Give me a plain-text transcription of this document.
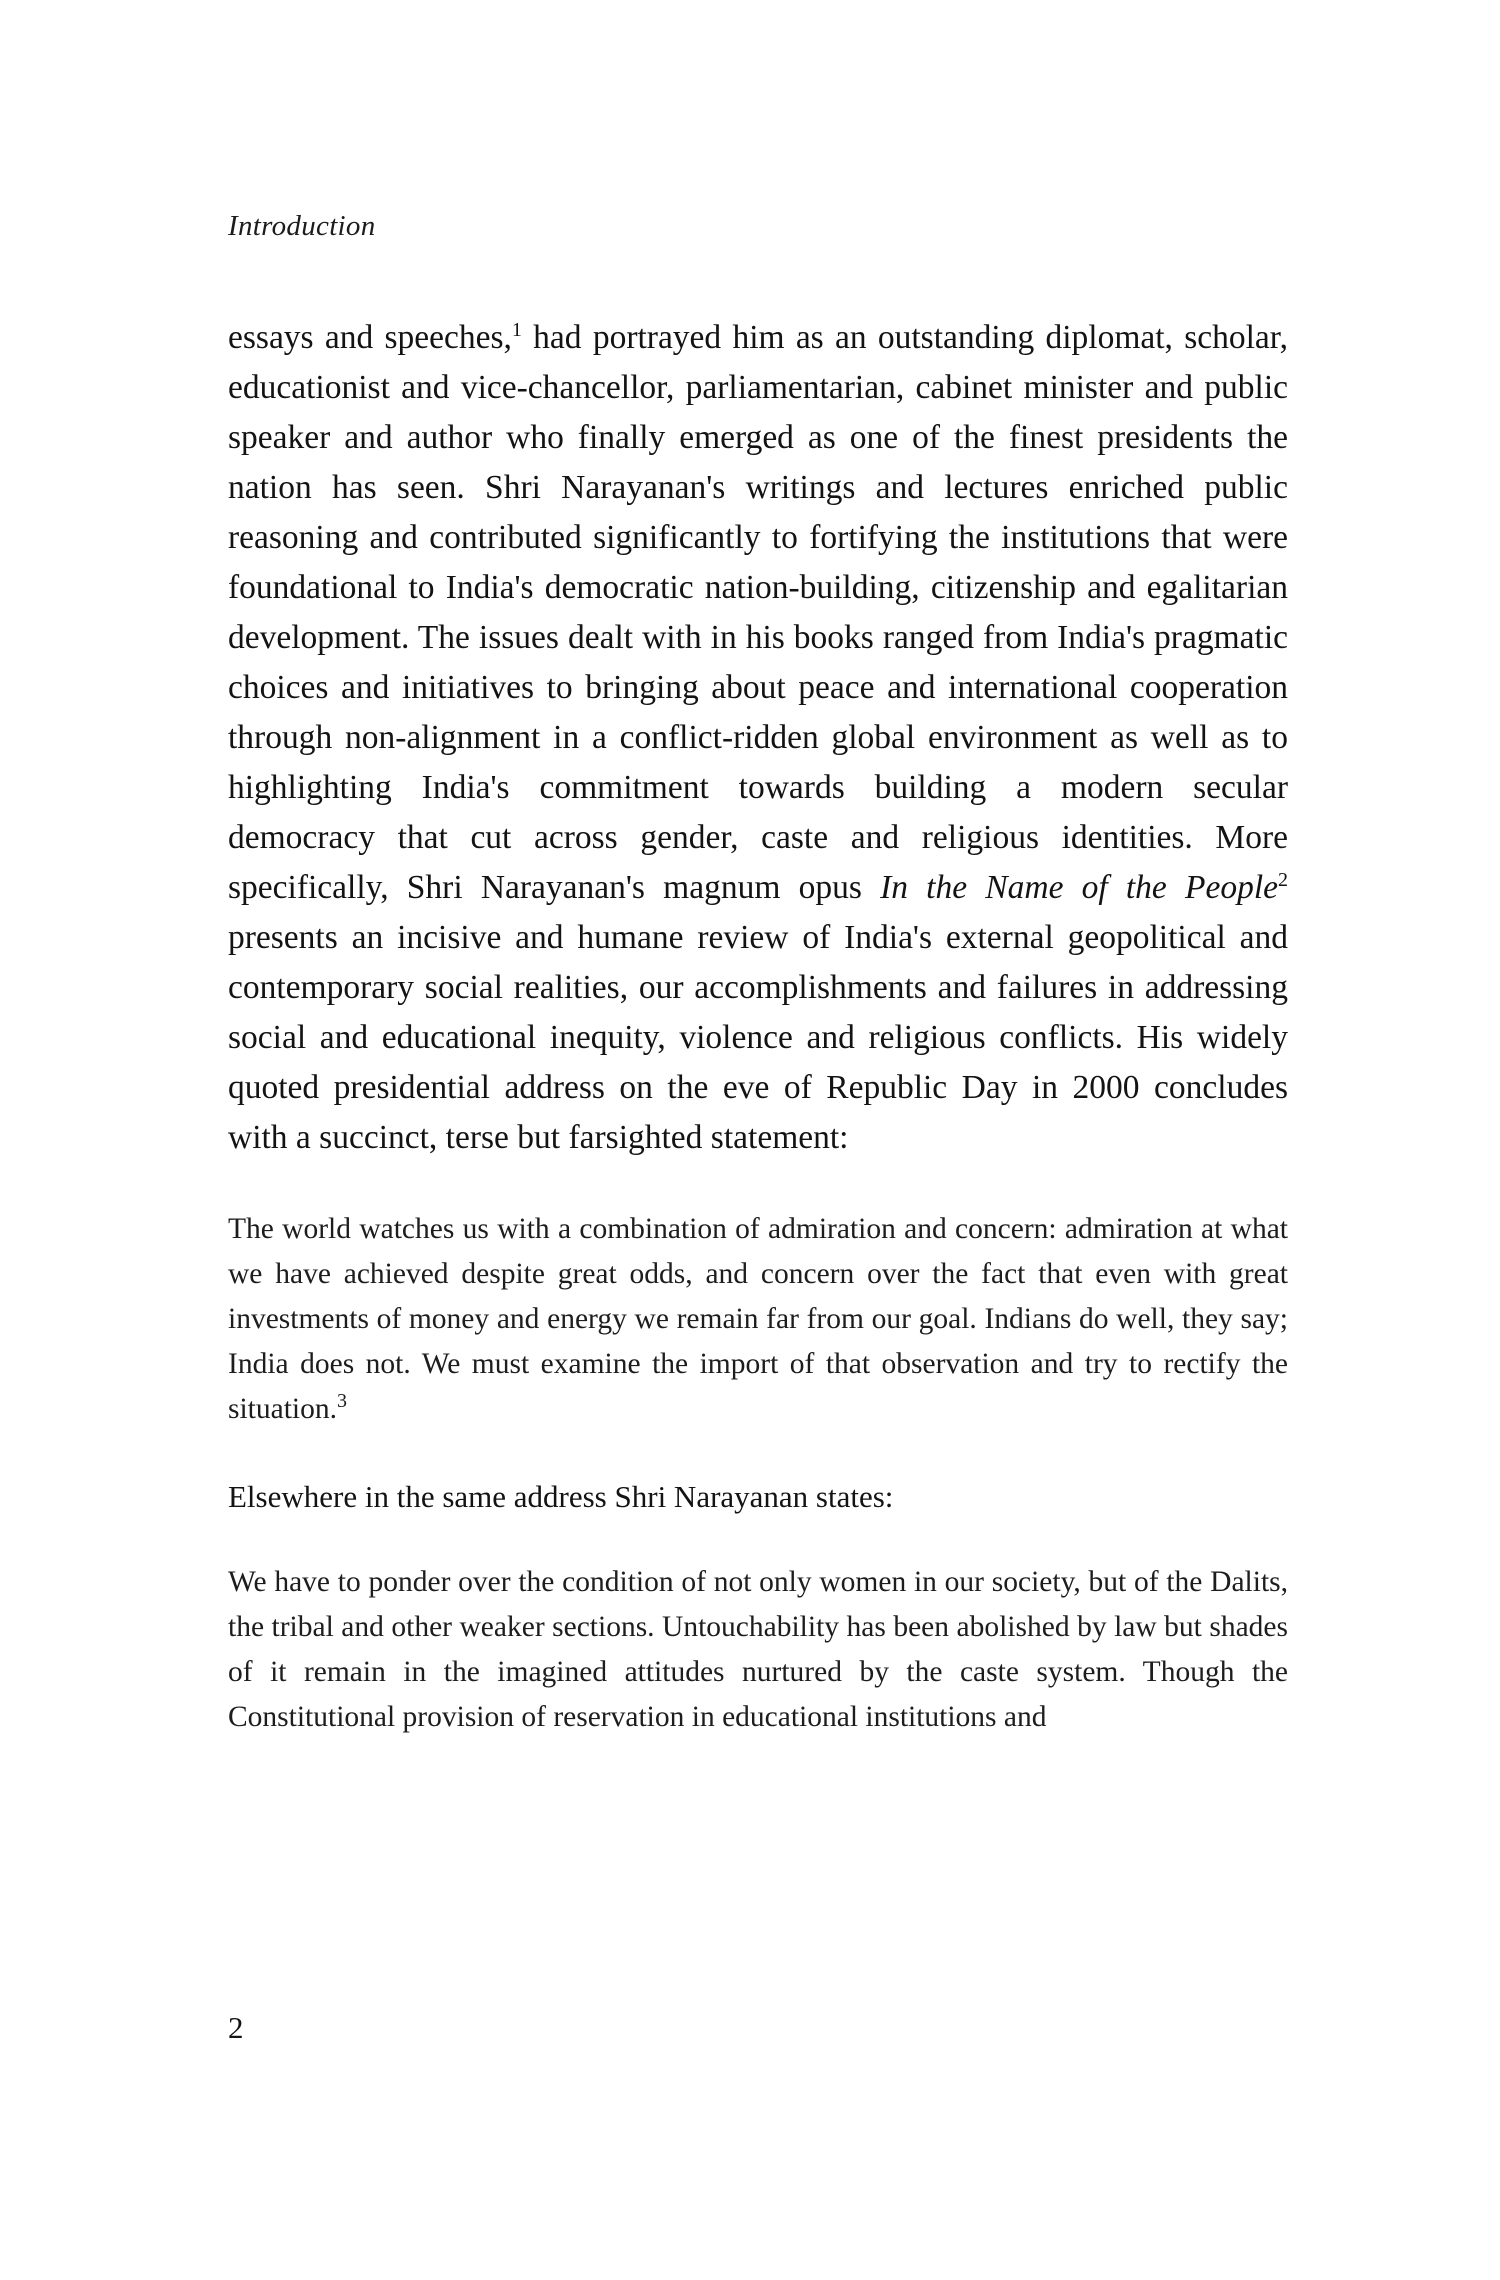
Introduction

essays and speeches,$^1$ had portrayed him as an outstanding diplomat, scholar, educationist and vice-chancellor, parliamentarian, cabinet minister and public speaker and author who finally emerged as one of the finest presidents the nation has seen. Shri Narayanan's writings and lectures enriched public reasoning and contributed significantly to fortifying the institutions that were foundational to India's democratic nation-building, citizenship and egalitarian development. The issues dealt with in his books ranged from India's pragmatic choices and initiatives to bringing about peace and international cooperation through non-alignment in a conflict-ridden global environment as well as to highlighting India's commitment towards building a modern secular democracy that cut across gender, caste and religious identities. More specifically, Shri Narayanan's magnum opus In the Name of the People$^2$ presents an incisive and humane review of India's external geopolitical and contemporary social realities, our accomplishments and failures in addressing social and educational inequity, violence and religious conflicts. His widely quoted presidential address on the eve of Republic Day in 2000 concludes with a succinct, terse but farsighted statement:

The world watches us with a combination of admiration and concern: admiration at what we have achieved despite great odds, and concern over the fact that even with great investments of money and energy we remain far from our goal. Indians do well, they say; India does not. We must examine the import of that observation and try to rectify the situation.$^3$

Elsewhere in the same address Shri Narayanan states:

We have to ponder over the condition of not only women in our society, but of the Dalits, the tribal and other weaker sections. Untouchability has been abolished by law but shades of it remain in the imagined attitudes nurtured by the caste system. Though the Constitutional provision of reservation in educational institutions and

2
